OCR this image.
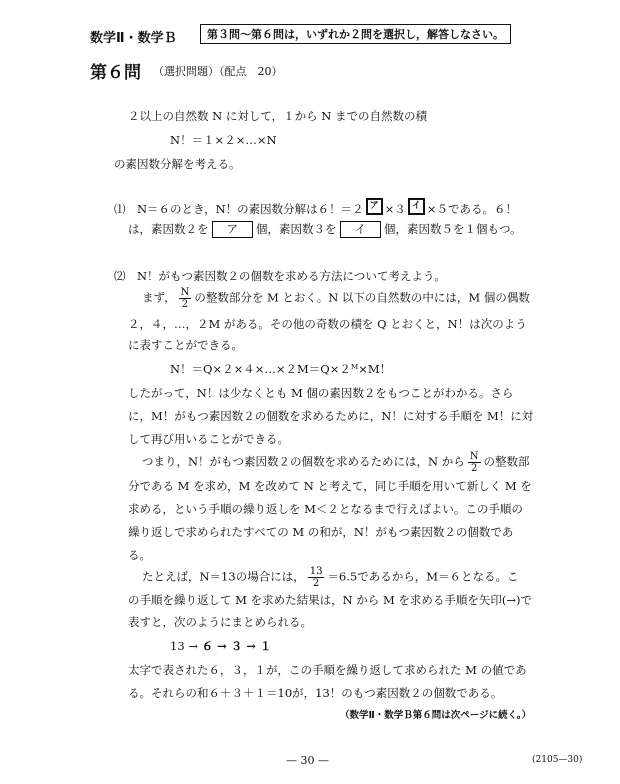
数学Ⅱ・数学Ｂ	第３問〜第６問は，いずれか２問を選択し，解答しなさい。
第６問 （選択問題）（配点　20）
２以上の自然数 N に対して，１から N までの自然数の積
N！＝１×２×…×N
の素因数分解を考える。
⑴　N＝６のとき，N！の素因数分解は６！＝２ ア ×３ イ ×５である。６！
は，素因数２を ア 個，素因数３を イ 個，素因数５を１個もつ。
⑵　N！がもつ素因数２の個数を求める方法について考えよう。
まず， $\frac{N}{2}$ の整数部分を M とおく。N 以下の自然数の中には，M 個の偶数
２，４，…，２M がある。その他の奇数の積を Q とおくと，N！は次のよう
に表すことができる。
N！＝Q×２×４×…×２M＝Q×２ᴹ×M！
したがって，N！は少なくとも M 個の素因数２をもつことがわかる。さら
に，M！がもつ素因数２の個数を求めるために，N！に対する手順を M！に対
して再び用いることができる。
つまり，N！がもつ素因数２の個数を求めるためには，N から $\frac{N}{2}$ の整数部
分である M を求め，M を改めて N と考えて，同じ手順を用いて新しく M を
求める，という手順の繰り返しを M＜２となるまで行えばよい。この手順の
繰り返しで求められたすべての M の和が，N！がもつ素因数２の個数であ
る。
たとえば，N＝13の場合には， $\frac{13}{2} =6.5$であるから，M＝６となる。こ
の手順を繰り返して M を求めた結果は，N から M を求める手順を矢印(→)で
表すと，次のようにまとめられる。
13 → ６ → ３ → １
太字で表された６，３，１が，この手順を繰り返して求められた M の値であ
る。それらの和６＋３＋１＝10が，13！のもつ素因数２の個数である。
（数学Ⅱ・数学Ｂ第６問は次ページに続く。）
— 30 —	(2105—30)
